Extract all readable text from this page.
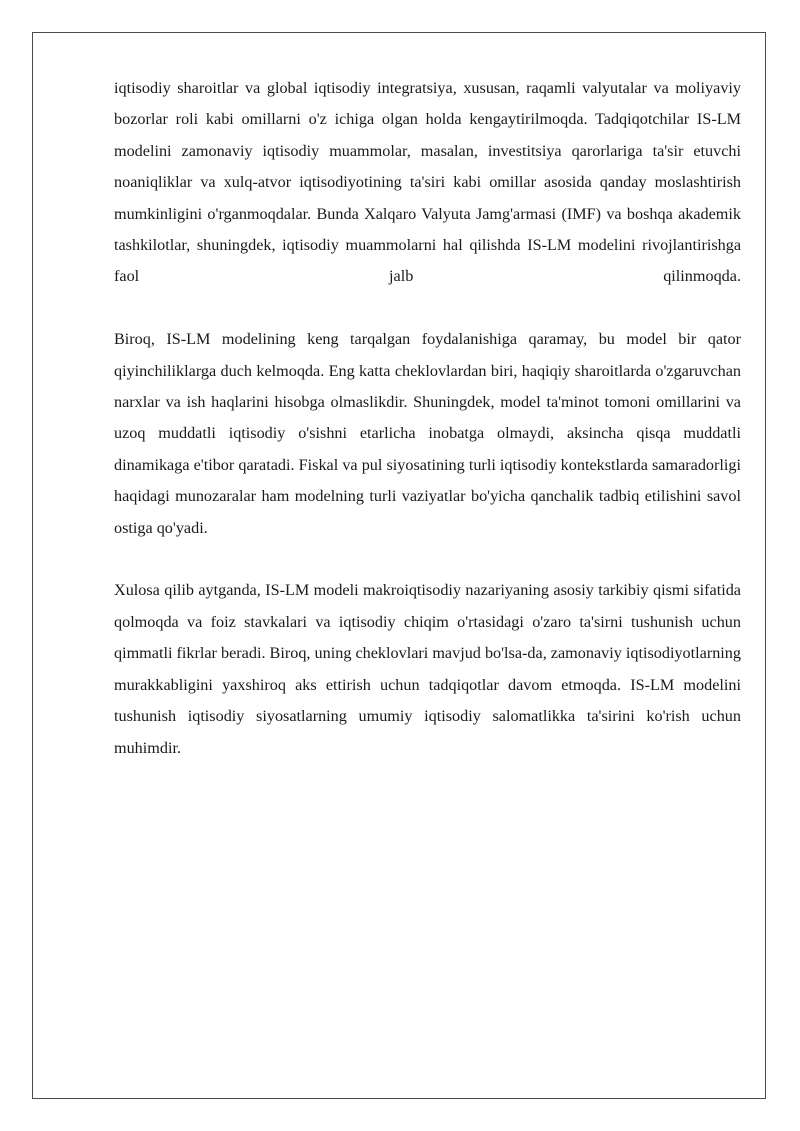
iqtisodiy sharoitlar va global iqtisodiy integratsiya, xususan, raqamli valyutalar va moliyaviy bozorlar roli kabi omillarni o'z ichiga olgan holda kengaytirilmoqda. Tadqiqotchilar IS-LM modelini zamonaviy iqtisodiy muammolar, masalan, investitsiya qarorlariga ta'sir etuvchi noaniqliklar va xulq-atvor iqtisodiyotining ta'siri kabi omillar asosida qanday moslashtirish mumkinligini o'rganmoqdalar. Bunda Xalqaro Valyuta Jamg'armasi (IMF) va boshqa akademik tashkilotlar, shuningdek, iqtisodiy muammolarni hal qilishda IS-LM modelini rivojlantirishga faol jalb qilinmoqda.

Biroq, IS-LM modelining keng tarqalgan foydalanishiga qaramay, bu model bir qator qiyinchiliklarga duch kelmoqda. Eng katta cheklovlardan biri, haqiqiy sharoitlarda o'zgaruvchan narxlar va ish haqlarini hisobga olmaslikdir. Shuningdek, model ta'minot tomoni omillarini va uzoq muddatli iqtisodiy o'sishni etarlicha inobatga olmaydi, aksincha qisqa muddatli dinamikaga e'tibor qaratadi. Fiskal va pul siyosatining turli iqtisodiy kontekstlarda samaradorligi haqidagi munozaralar ham modelning turli vaziyatlar bo'yicha qanchalik tadbiq etilishini savol ostiga qo'yadi.

Xulosa qilib aytganda, IS-LM modeli makroiqtisodiy nazariyaning asosiy tarkibiy qismi sifatida qolmoqda va foiz stavkalari va iqtisodiy chiqim o'rtasidagi o'zaro ta'sirni tushunish uchun qimmatli fikrlar beradi. Biroq, uning cheklovlari mavjud bo'lsa-da, zamonaviy iqtisodiyotlarning murakkabligini yaxshiroq aks ettirish uchun tadqiqotlar davom etmoqda. IS-LM modelini tushunish iqtisodiy siyosatlarning umumiy iqtisodiy salomatlikka ta'sirini ko'rish uchun muhimdir.
